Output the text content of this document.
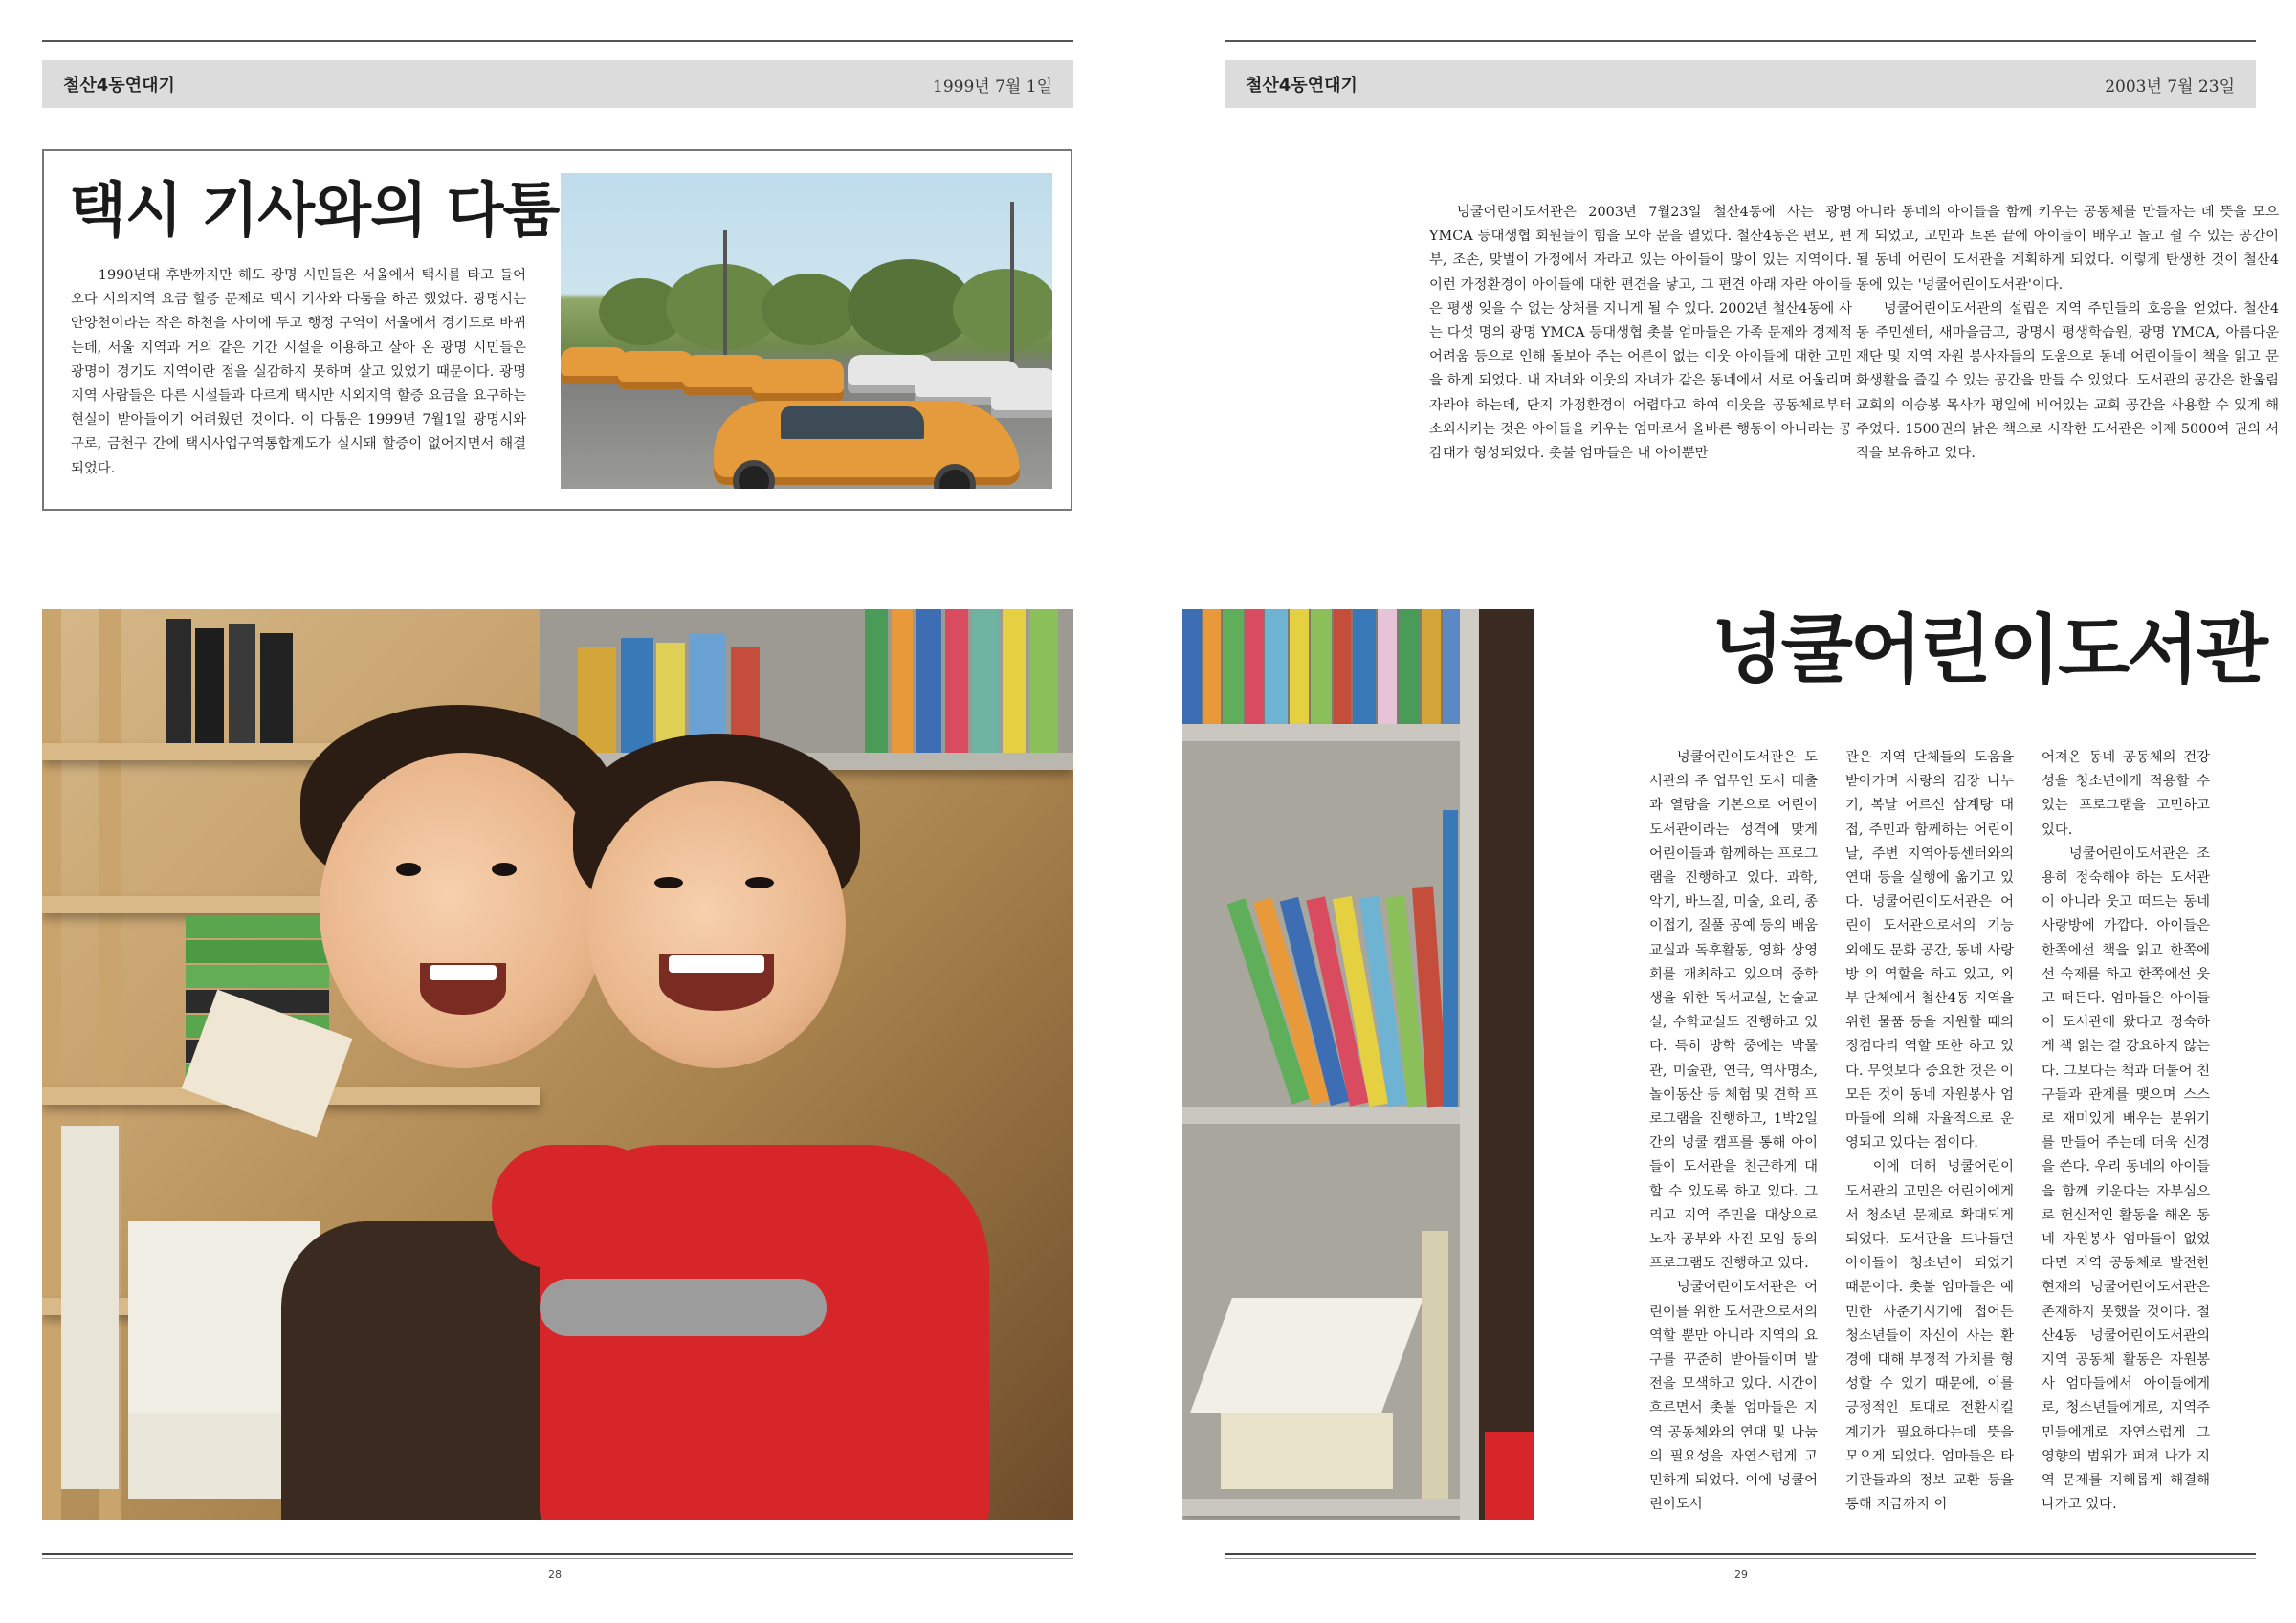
철산4동연대기	1999년 7월 1일
택시 기사와의 다툼
1990년대 후반까지만 해도 광명 시민들은 서울에서 택시를 타고 들어오다 시외지역 요금 할증 문제로 택시 기사와 다툼을 하곤 했었다. 광명시는 안양천이라는 작은 하천을 사이에 두고 행정 구역이 서울에서 경기도로 바뀌는데, 서울 지역과 거의 같은 기간 시설을 이용하고 살아 온 광명 시민들은 광명이 경기도 지역이란 점을 실감하지 못하며 살고 있었기 때문이다. 광명 지역 사람들은 다른 시설들과 다르게 택시만 시외지역 할증 요금을 요구하는 현실이 받아들이기 어려웠던 것이다. 이 다툼은 1999년 7월1일 광명시와 구로, 금천구 간에 택시사업구역통합제도가 실시돼 할증이 없어지면서 해결되었다.
28
철산4동연대기	2003년 7월 23일

넝쿨어린이도서관은 2003년 7월23일 철산4동에 사는 광명 YMCA 등대생협 회원들이 힘을 모아 문을 열었다. 철산4동은 편모, 편부, 조손, 맞벌이 가정에서 자라고 있는 아이들이 많이 있는 지역이다. 이런 가정환경이 아이들에 대한 편견을 낳고, 그 편견 아래 자란 아이들은 평생 잊을 수 없는 상처를 지니게 될 수 있다. 2002년 철산4동에 사는 다섯 명의 광명 YMCA 등대생협 촛불 엄마들은 가족 문제와 경제적 어려움 등으로 인해 돌보아 주는 어른이 없는 이웃 아이들에 대한 고민을 하게 되었다. 내 자녀와 이웃의 자녀가 같은 동네에서 서로 어울리며 자라야 하는데, 단지 가정환경이 어렵다고 하여 이웃을 공동체로부터 소외시키는 것은 아이들을 키우는 엄마로서 올바른 행동이 아니라는 공감대가 형성되었다. 촛불 엄마들은 내 아이뿐만

아니라 동네의 아이들을 함께 키우는 공동체를 만들자는 데 뜻을 모으게 되었고, 고민과 토론 끝에 아이들이 배우고 놀고 쉴 수 있는 공간이 될 동네 어린이 도서관을 계획하게 되었다. 이렇게 탄생한 것이 철산4동에 있는 '넝쿨어린이도서관'이다.

넝쿨어린이도서관의 설립은 지역 주민들의 호응을 얻었다. 철산4동 주민센터, 새마을금고, 광명시 평생학습원, 광명 YMCA, 아름다운 재단 및 지역 자원 봉사자들의 도움으로 동네 어린이들이 책을 읽고 문화생활을 즐길 수 있는 공간을 만들 수 있었다. 도서관의 공간은 한울림 교회의 이승봉 목사가 평일에 비어있는 교회 공간을 사용할 수 있게 해주었다. 1500권의 낡은 책으로 시작한 도서관은 이제 5000여 권의 서적을 보유하고 있다.

넝쿨어린이도서관

넝쿨어린이도서관은 도서관의 주 업무인 도서 대출과 열람을 기본으로 어린이 도서관이라는 성격에 맞게 어린이들과 함께하는 프로그램을 진행하고 있다. 과학, 악기, 바느질, 미술, 요리, 종이접기, 질풀 공예 등의 배움 교실과 독후활동, 영화 상영회를 개최하고 있으며 중학생을 위한 독서교실, 논술교실, 수학교실도 진행하고 있다. 특히 방학 중에는 박물관, 미술관, 연극, 역사명소, 놀이동산 등 체험 및 견학 프로그램을 진행하고, 1박2일간의 넝쿨 캠프를 통해 아이들이 도서관을 친근하게 대할 수 있도록 하고 있다. 그리고 지역 주민을 대상으로 노자 공부와 사진 모임 등의 프로그램도 진행하고 있다.

넝쿨어린이도서관은 어린이를 위한 도서관으로서의 역할 뿐만 아니라 지역의 요구를 꾸준히 받아들이며 발전을 모색하고 있다. 시간이 흐르면서 촛불 엄마들은 지역 공동체와의 연대 및 나눔의 필요성을 자연스럽게 고민하게 되었다. 이에 넝쿨어린이도서

관은 지역 단체들의 도움을 받아가며 사랑의 김장 나누기, 복날 어르신 삼계탕 대접, 주민과 함께하는 어린이날, 주변 지역아동센터와의 연대 등을 실행에 옮기고 있다. 넝쿨어린이도서관은 어린이 도서관으로서의 기능 외에도 문화 공간, 동네 사랑방 의 역할을 하고 있고, 외부 단체에서 철산4동 지역을 위한 물품 등을 지원할 때의 징검다리 역할 또한 하고 있다. 무엇보다 중요한 것은 이 모든 것이 동네 자원봉사 엄마들에 의해 자율적으로 운영되고 있다는 점이다.

이에 더해 넝쿨어린이도서관의 고민은 어린이에게서 청소년 문제로 확대되게 되었다. 도서관을 드나들던 아이들이 청소년이 되었기 때문이다. 촛불 엄마들은 예민한 사춘기시기에 접어든 청소년들이 자신이 사는 환경에 대해 부정적 가치를 형성할 수 있기 때문에, 이를 긍정적인 토대로 전환시킬 계기가 필요하다는데 뜻을 모으게 되었다. 엄마들은 타 기관들과의 정보 교환 등을 통해 지금까지 이

어져온 동네 공동체의 건강성을 청소년에게 적용할 수 있는 프로그램을 고민하고 있다.

넝쿨어린이도서관은 조용히 정숙해야 하는 도서관이 아니라 웃고 떠드는 동네 사랑방에 가깝다. 아이들은 한쪽에선 책을 읽고 한쪽에선 숙제를 하고 한쪽에선 웃고 떠든다. 엄마들은 아이들이 도서관에 왔다고 정숙하게 책 읽는 걸 강요하지 않는다. 그보다는 책과 더불어 친구들과 관계를 맺으며 스스로 재미있게 배우는 분위기를 만들어 주는데 더욱 신경을 쓴다. 우리 동네의 아이들을 함께 키운다는 자부심으로 헌신적인 활동을 해온 동네 자원봉사 엄마들이 없었다면 지역 공동체로 발전한 현재의 넝쿨어린이도서관은 존재하지 못했을 것이다. 철산4동 넝쿨어린이도서관의 지역 공동체 활동은 자원봉사 엄마들에서 아이들에게로, 청소년들에게로, 지역주민들에게로 자연스럽게 그 영향의 범위가 퍼져 나가 지역 문제를 지혜롭게 해결해 나가고 있다.

29
